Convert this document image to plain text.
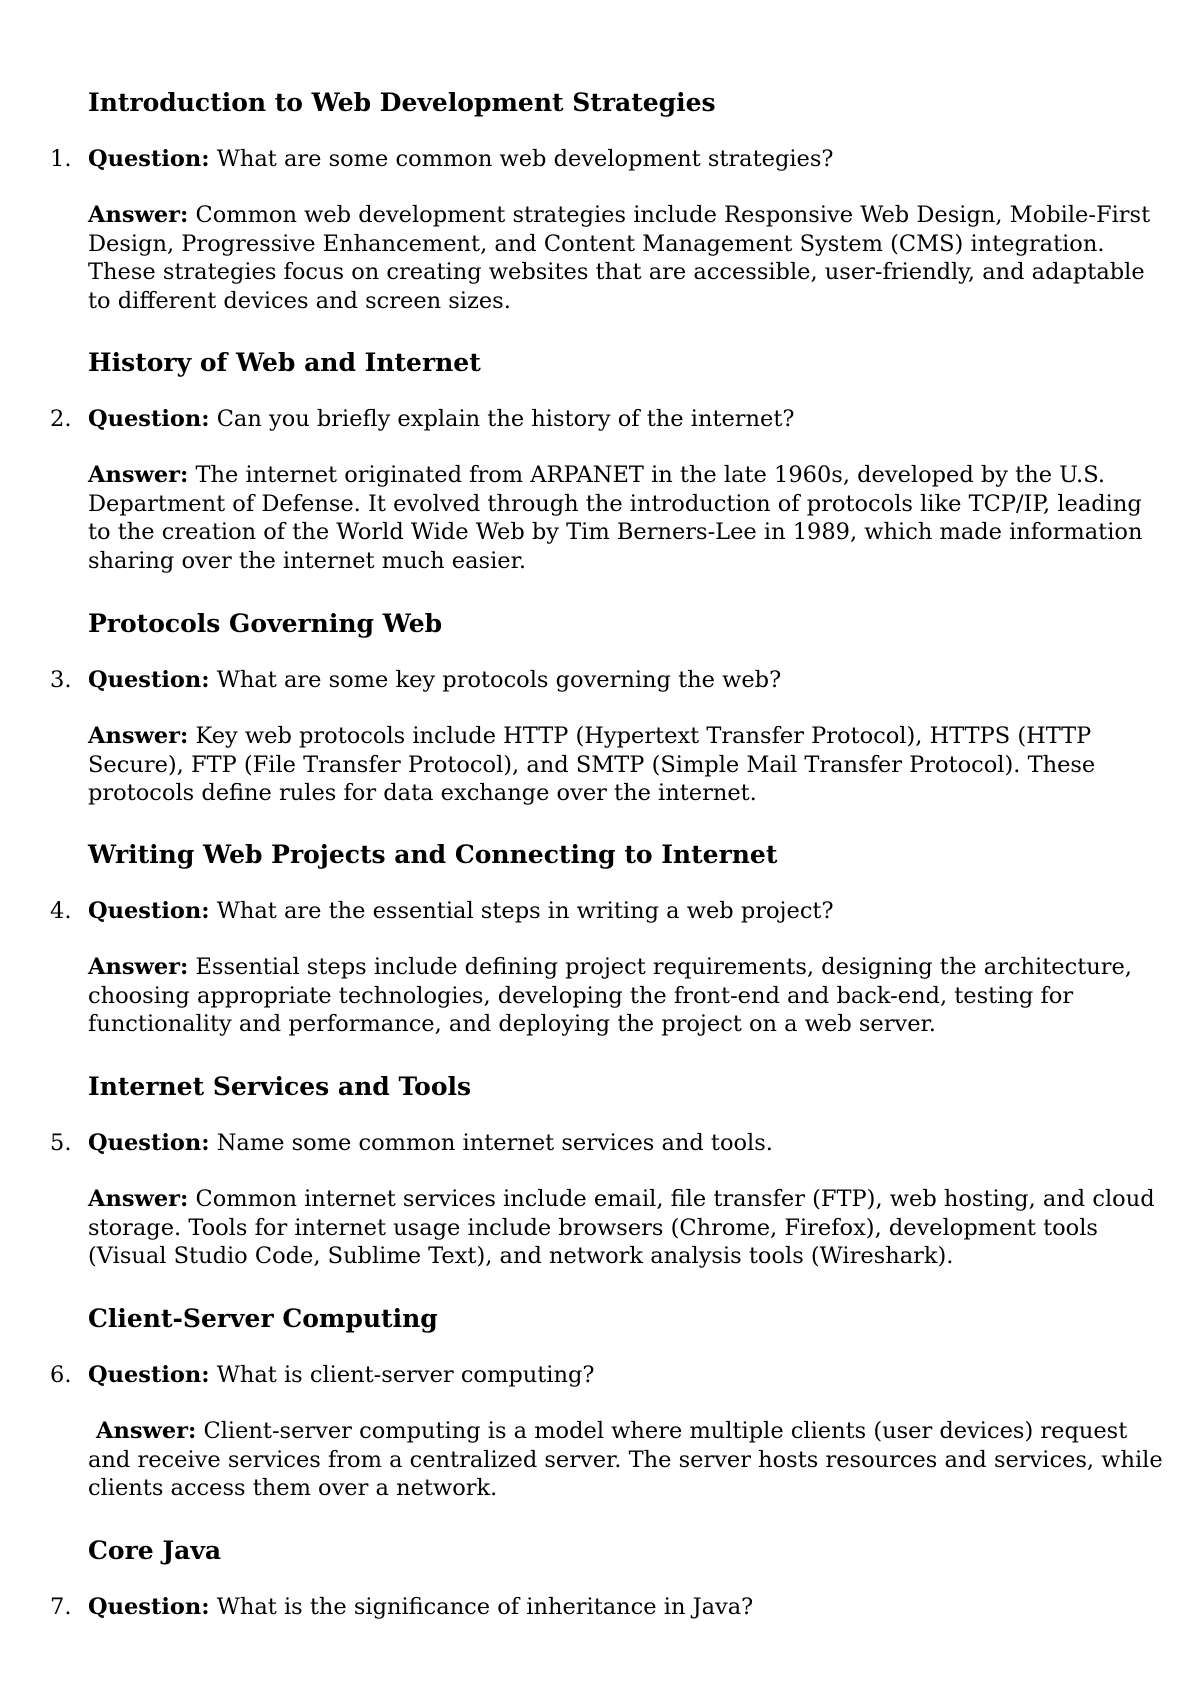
Introduction to Web Development Strategies
1. Question: What are some common web development strategies?
Answer: Common web development strategies include Responsive Web Design, Mobile-First Design, Progressive Enhancement, and Content Management System (CMS) integration. These strategies focus on creating websites that are accessible, user-friendly, and adaptable to different devices and screen sizes.
History of Web and Internet
2. Question: Can you briefly explain the history of the internet?
Answer: The internet originated from ARPANET in the late 1960s, developed by the U.S. Department of Defense. It evolved through the introduction of protocols like TCP/IP, leading to the creation of the World Wide Web by Tim Berners-Lee in 1989, which made information sharing over the internet much easier.
Protocols Governing Web
3. Question: What are some key protocols governing the web?
Answer: Key web protocols include HTTP (Hypertext Transfer Protocol), HTTPS (HTTP Secure), FTP (File Transfer Protocol), and SMTP (Simple Mail Transfer Protocol). These protocols define rules for data exchange over the internet.
Writing Web Projects and Connecting to Internet
4. Question: What are the essential steps in writing a web project?
Answer: Essential steps include defining project requirements, designing the architecture, choosing appropriate technologies, developing the front-end and back-end, testing for functionality and performance, and deploying the project on a web server.
Internet Services and Tools
5. Question: Name some common internet services and tools.
Answer: Common internet services include email, file transfer (FTP), web hosting, and cloud storage. Tools for internet usage include browsers (Chrome, Firefox), development tools (Visual Studio Code, Sublime Text), and network analysis tools (Wireshark).
Client-Server Computing
6. Question: What is client-server computing?
Answer: Client-server computing is a model where multiple clients (user devices) request and receive services from a centralized server. The server hosts resources and services, while clients access them over a network.
Core Java
7. Question: What is the significance of inheritance in Java?
